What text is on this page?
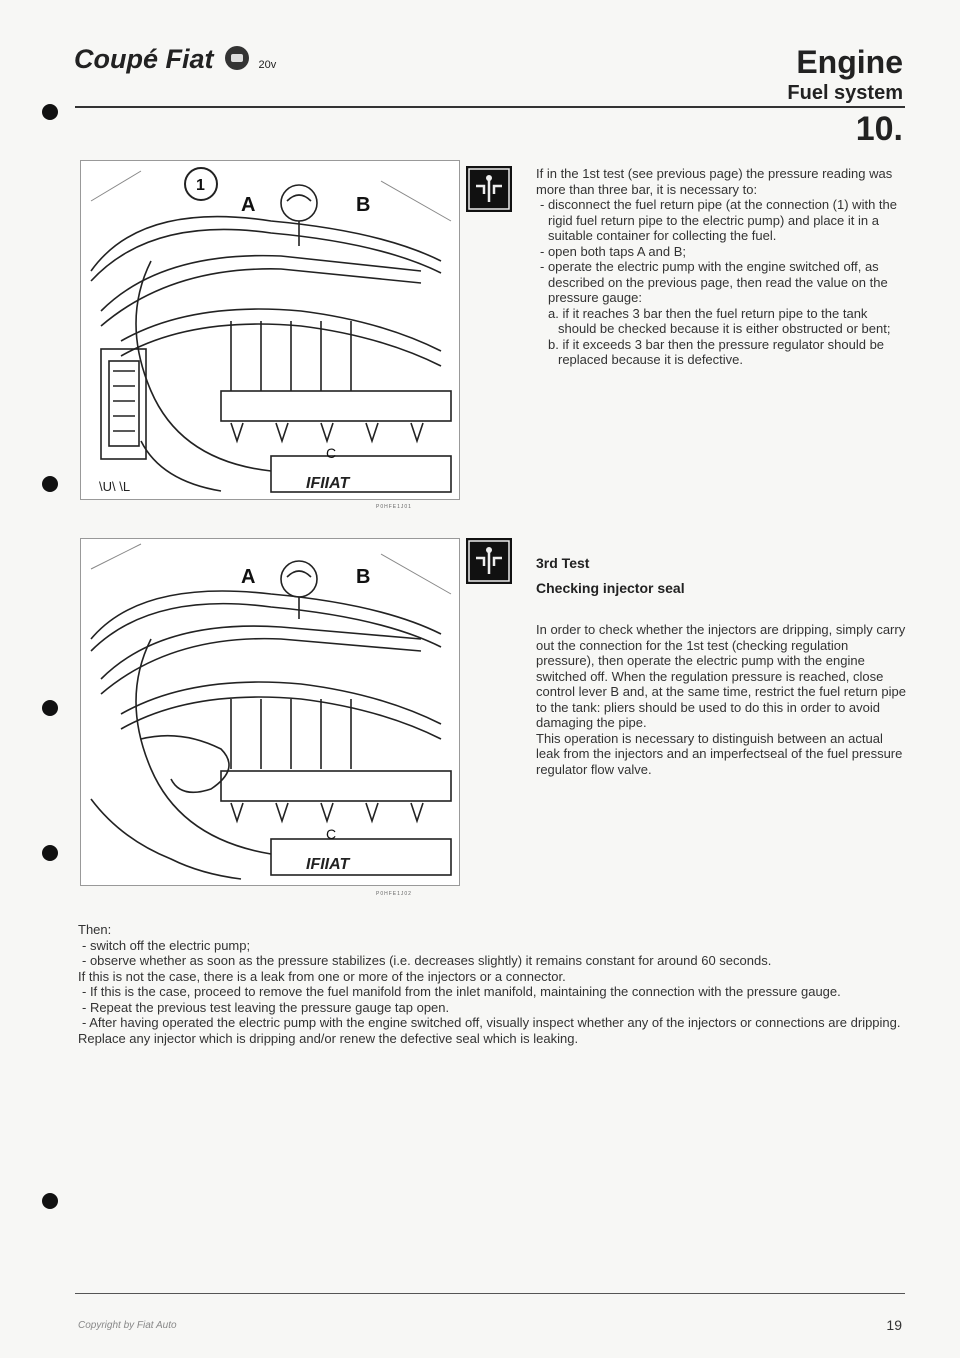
Coupé Fiat	20v	Engine
Fuel system
10.
1
A	B
C
IFIIAT
\U\ \L
P0HFE1J01
A	B
C
IFIIAT
P0HFE1J02

If in the 1st test (see previous page) the pressure reading was more than three bar, it is necessary to:

- disconnect the fuel return pipe (at the connection (1) with the rigid fuel return pipe to the electric pump) and place it in a suitable container for collecting the fuel.

- open both taps A and B;

- operate the electric pump with the engine switched off, as described on the previous page, then read the value on the pressure gauge:

a. if it reaches 3 bar then the fuel return pipe to the tank should be checked because it is either obstructed or bent;

b. if it exceeds 3 bar then the pressure regulator should be replaced because it is defective.

3rd Test
Checking injector seal

In order to check whether the injectors are dripping, simply carry out the connection for the 1st test (checking regulation pressure), then operate the electric pump with the engine switched off. When the regulation pressure is reached, close control lever B and, at the same time, restrict the fuel return pipe to the tank: pliers should be used to do this in order to avoid damaging the pipe.

This operation is necessary to distinguish between an actual leak from the injectors and an imperfectseal of the fuel pressure regulator flow valve.

Then:

- switch off the electric pump;

- observe whether as soon as the pressure stabilizes (i.e. decreases slightly) it remains constant for around 60 seconds.

If this is not the case, there is a leak from one or more of the injectors or a connector.

- If this is the case, proceed to remove the fuel manifold from the inlet manifold, maintaining the connection with the pressure gauge.

- Repeat the previous test leaving the pressure gauge tap open.

- After having operated the electric pump with the engine switched off, visually inspect whether any of the injectors or connections are dripping.

Replace any injector which is dripping and/or renew the defective seal which is leaking.

Copyright by Fiat Auto	19
